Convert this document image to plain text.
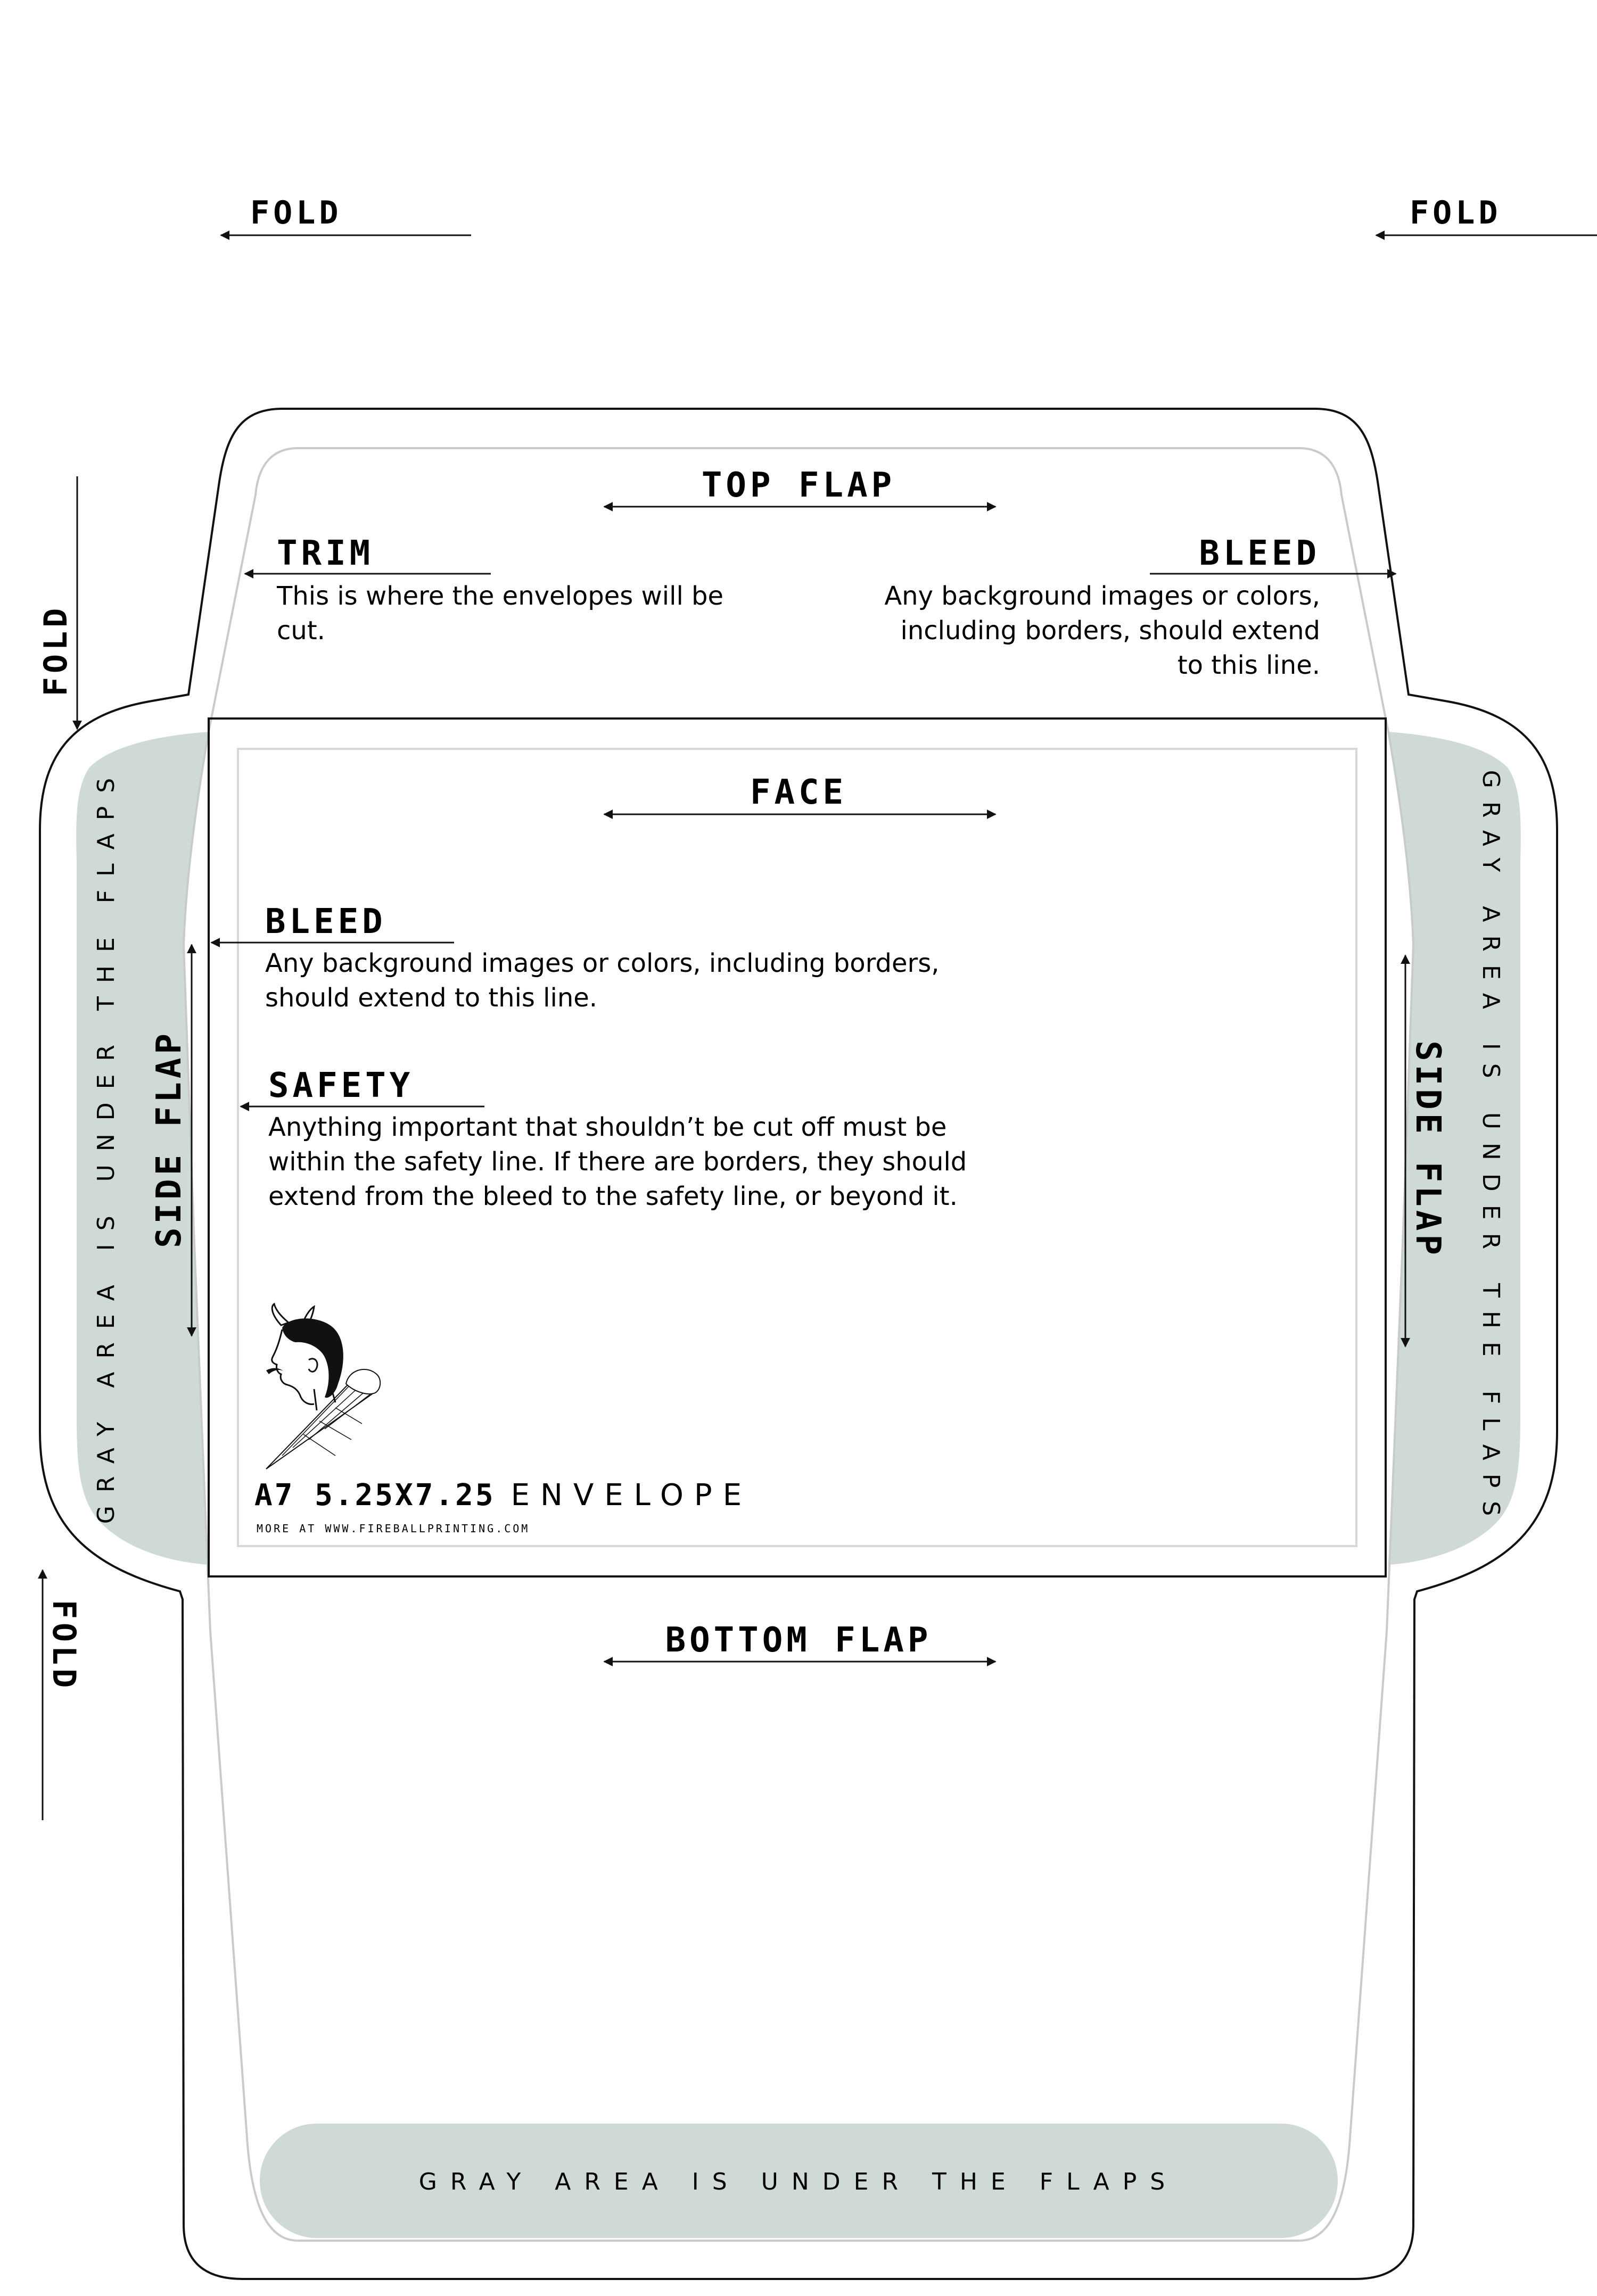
FOLD	FOLD
FOLD
FOLD
TOP FLAP
TRIM
This is where the envelopes will be cut.
BLEED
Any background images or colors, including borders, should extend to this line.
FACE
BLEED
Any background images or colors, including borders, should extend to this line.
SAFETY
Anything important that shouldn’t be cut off must be within the safety line. If there are borders, they should extend from the bleed to the safety line, or beyond it.
A7 5.25X7.25 ENVELOPE
MORE AT WWW.FIREBALLPRINTING.COM
SIDE FLAP	SIDE FLAP
GRAY AREA IS UNDER THE FLAPS	GRAY AREA IS UNDER THE FLAPS
BOTTOM FLAP
GRAY AREA IS UNDER THE FLAPS
